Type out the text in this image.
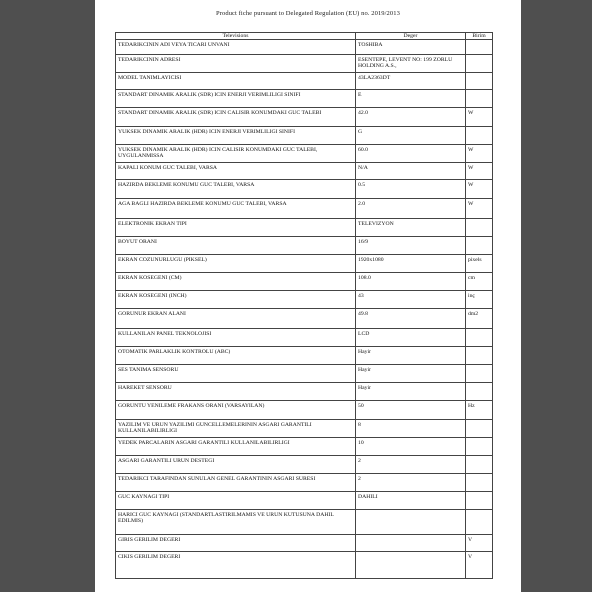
Product fiche pursuant to Delegated Regulation (EU) no. 2019/2013
Televisions	Deger	Birim
TEDARIKCININ ADI VEYA TICARI UNVANI	TOSHIBA	
TEDARIKCININ ADRESI	ESENTEPE, LEVENT NO: 199 ZORLU HOLDING A.S.,	
MODEL TANIMLAYICISI	43LA2363DT	
STANDART DINAMIK ARALIK (SDR) ICIN ENERJI VERIMLILIGI SINIFI	E	
STANDART DINAMIK ARALIK (SDR) ICIN CALISIR KONUMDAKI GUC TALEBI	42.0	W
YUKSEK DINAMIK ARALIK (HDR) ICIN ENERJI VERIMLILIGI SINIFI	G	
YUKSEK DINAMIK ARALIK (HDR) ICIN CALISIR KONUMDAKI GUC TALEBI, UYGULANMISSA	60.0	W
KAPALI KONUM GUC TALEBI, VARSA	N/A	W
HAZIRDA BEKLEME KONUMU GUC TALEBI, VARSA	0.5	W
AGA BAGLI HAZIRDA BEKLEME KONUMU GUC TALEBI, VARSA	2.0	W
ELEKTRONIK EKRAN TIPI	TELEVIZYON	
BOYUT ORANI	16/9	
EKRAN COZUNURLUGU (PIKSEL)	1920x1080	pixels
EKRAN KOSEGENI (CM)	108.0	cm
EKRAN KOSEGENI (INCH)	43	inç
GORUNUR EKRAN ALANI	49.8	dm2
KULLANILAN PANEL TEKNOLOJISI	LCD	
OTOMATIK PARLAKLIK KONTROLU (ABC)	Hayir	
SES TANIMA SENSORU	Hayir	
HAREKET SENSORU	Hayir	
GORUNTU YENILEME FRAKANS ORANI (VARSAYILAN)	50	Hz
YAZILIM VE URUN YAZILIMI GUNCELLEMELERININ ASGARI GARANTILI KULLANILABILIRLIGI	8	
YEDEK PARCALARIN ASGARI GARANTILI KULLANILABILIRLIGI	10	
ASGARI GARANTILI URUN DESTEGI	2	
TEDARIKCI TARAFINDAN SUNULAN GENEL GARANTININ ASGARI SURESI	2	
GUC KAYNAGI TIPI	DAHILI	
HARICI GUC KAYNAGI (STANDARTLASTIRILMAMIS VE URUN KUTUSUNA DAHIL EDILMIS)		
GIRIS GERILIM DEGERI		V
CIKIS GERILIM DEGERI		V
